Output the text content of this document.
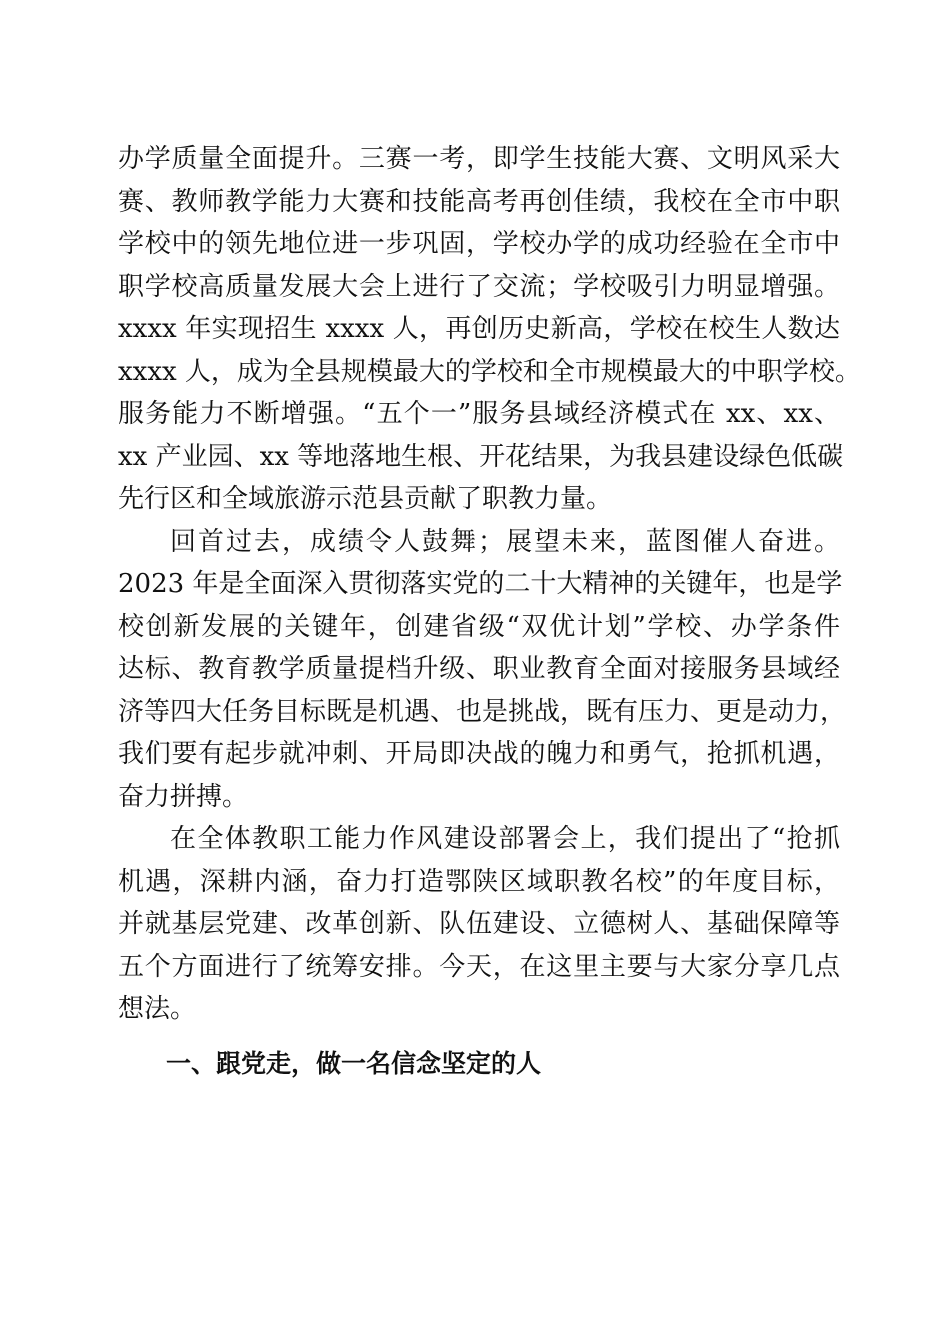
办学质量全面提升。三赛一考，即学生技能大赛、文明风采大
赛、教师教学能力大赛和技能高考再创佳绩，我校在全市中职
学校中的领先地位进一步巩固，学校办学的成功经验在全市中
职学校高质量发展大会上进行了交流；学校吸引力明显增强。
xxxx 年实现招生 xxxx 人，再创历史新高，学校在校生人数达
xxxx 人，成为全县规模最大的学校和全市规模最大的中职学校。
服务能力不断增强。“五个一”服务县域经济模式在 xx、xx、
xx 产业园、xx 等地落地生根、开花结果，为我县建设绿色低碳
先行区和全域旅游示范县贡献了职教力量。
回首过去，成绩令人鼓舞；展望未来，蓝图催人奋进。
2023 年是全面深入贯彻落实党的二十大精神的关键年，也是学
校创新发展的关键年，创建省级“双优计划”学校、办学条件
达标、教育教学质量提档升级、职业教育全面对接服务县域经
济等四大任务目标既是机遇、也是挑战，既有压力、更是动力，
我们要有起步就冲刺、开局即决战的魄力和勇气，抢抓机遇，
奋力拼搏。
在全体教职工能力作风建设部署会上，我们提出了“抢抓
机遇，深耕内涵，奋力打造鄂陕区域职教名校”的年度目标，
并就基层党建、改革创新、队伍建设、立德树人、基础保障等
五个方面进行了统筹安排。今天，在这里主要与大家分享几点
想法。
一、跟党走，做一名信念坚定的人
